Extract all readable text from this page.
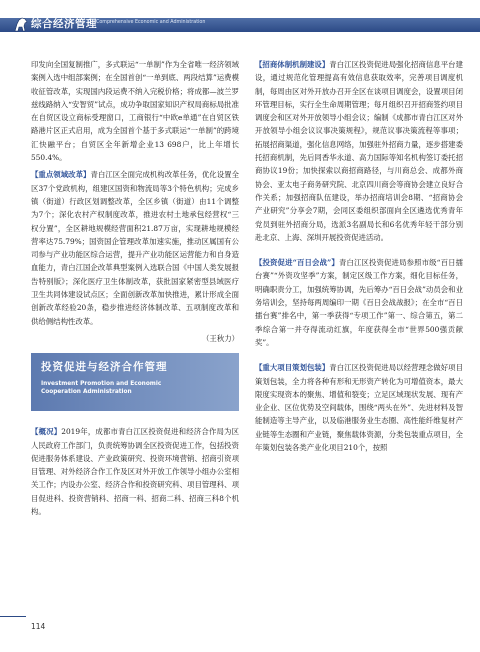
综合经济管理 Comprehensive Economic and Administration

印发向全国复制推广，多式联运“一单制”作为全省唯一经济领域案例入选中组部案例；在全国首创“一单到底、两段结算”运费模收征管改革，实现国内段运费不纳入完税价格；将成都—波兰罗兹线路纳入“安智贸”试点，成功争取国家知识产权局商标局批准在自贸区设立商标受理窗口，工商银行“中欧e单通”在自贸区铁路港片区正式启用，成为全国首个基于多式联运“一单制”的跨境汇快融平台；自贸区全年新增企业13 698户，比上年增长550.4%。

【重点领域改革】青白江区全面完成机构改革任务，优化设置全区37个党政机构，组建区国资和物流局等3个特色机构；完成乡镇（街道）行政区划调整改革，全区乡镇（街道）由11个调整为7个；深化农村产权制度改革，推进农村土地承包经营权“三权分置”，全区耕地规模经营面积21.87万亩，实现耕地规模经营率达75.79%；国资国企管理改革加速实施，推动区属国有公司参与产业功能区综合运营，提升产业功能区运营能力和自身造血能力，青白江国企改革典型案例入选联合国《中国人类发展报告特别版》；深化医疗卫生体制改革，获批国家紧密型县域医疗卫生共同体建设试点区；全面创新改革加快推进，累计形成全面创新改革经验20条，稳步推进经济体制改革、五项制度改革和供给侧结构性改革。

（王秋力）
投资促进与经济合作管理
Investment Promotion and Economic
Cooperation Administration

【概况】2019年，成都市青白江区投资促进和经济合作局为区人民政府工作部门，负责统筹协调全区投资促进工作，包括投资促进服务体系建设、产业政策研究、投资环境营销、招商引资项目管理、对外经济合作工作及区对外开放工作领导小组办公室相关工作；内设办公室、经济合作和投资研究科、项目管理科、项目促进科、投资营销科、招商一科、招商二科、招商三科8个机构。

【招商体制机制建设】青白江区投资促进局强化招商信息平台建设，通过规范化管理提高有效信息获取效率，完善项目调度机制，每周由区对外开放办召开全区在谈项目调度会，设置项目闭环管理目标，实行全生命周期管理；每月组织召开招商签约项目调度会和区对外开放领导小组会议；编制《成都市青白江区对外开放领导小组会议议事决策规程》，规范议事决策流程等事项；拓展招商渠道，强化信息网络，加强驻外招商力量，逐步搭建委托招商机制，先后同香华永道、高力国际等知名机构签订委托招商协议19份；加快探索以商招商路径，与川商总会、成都外商协会、亚太电子商务研究院、北京四川商会等商协会建立良好合作关系；加强招商队伍建设，举办招商培训会8期、“招商协会产业研究”分享会7期，会同区委组织部面向全区遴选优秀青年党员到驻外招商分局，选派3名副局长和6名优秀年轻干部分别赴北京、上海、深圳开展投资促进活动。

【投资促进“百日会战”】青白江区投资促进局参照市级“百日擂台赛”“外资攻坚季”方案，制定区级工作方案，细化目标任务，明确职责分工，加强统筹协调，先后筹办“百日会战”动员会和业务培训会，坚持每两周编印一期《百日会战战报》；在全市“百日擂台赛”排名中，第一季获得“专项工作”第一、综合第五，第二季综合第一并夺得流动红旗，年度获得全市“世界500强贡献奖”。

【重大项目策划包装】青白江区投资促进局以经营理念做好项目策划包装，全力将各种有形和无形资产转化为可增值资本，最大限度实现资本的聚焦、增值和裂变；立足区域现状发展、现有产业企业、区位优势及空间载体，围绕“两头在外”、先进材料及智能制造等主导产业，以及临港服务业生态圈、高性能纤维复材产业链等生态圈和产业链，聚焦载体资源，分类包装重点项目，全年策划包装各类产业化项目210个，按照

114
